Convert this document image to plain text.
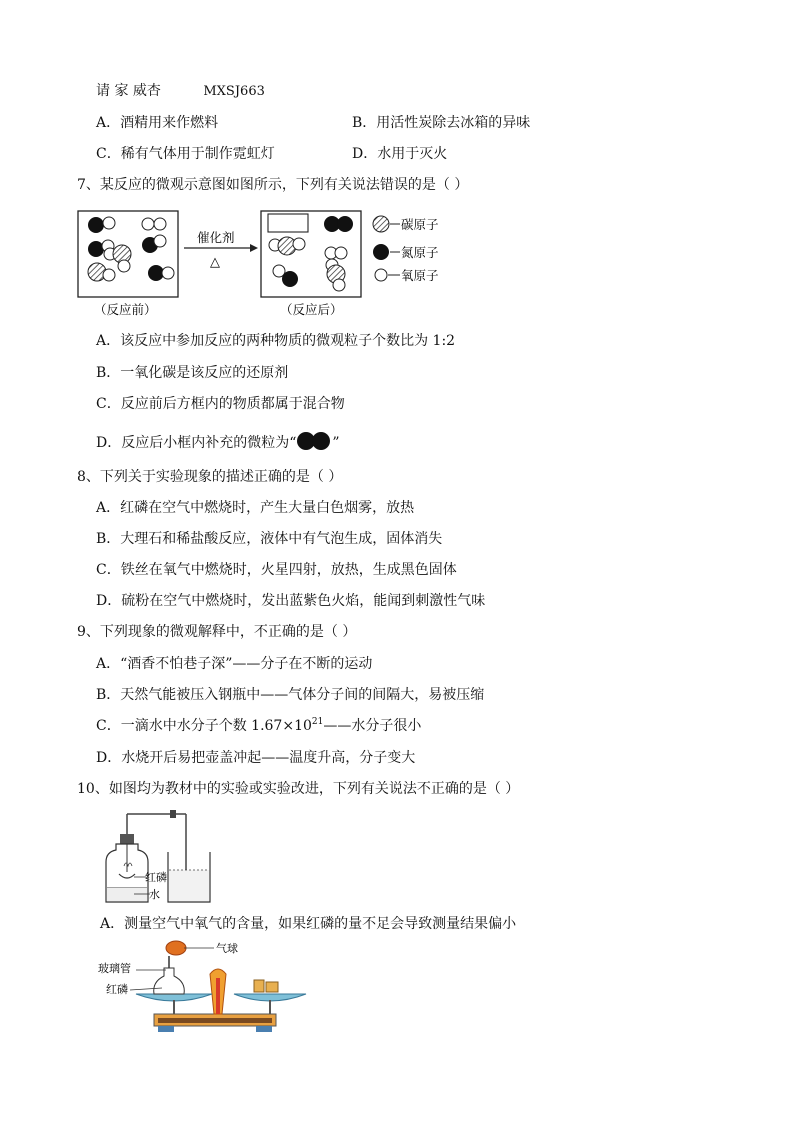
请 家 威杏	MXSJ663
A．酒精用来作燃料	B．用活性炭除去冰箱的异味
C．稀有气体用于制作霓虹灯	D．水用于灭火
7、某反应的微观示意图如图所示，下列有关说法错误的是（ ）
催化剂
△
（反应前）	（反应后）
碳原子
氮原子
氧原子
A．该反应中参加反应的两种物质的微观粒子个数比为 1:2
B．一氧化碳是该反应的还原剂
C．反应前后方框内的物质都属于混合物
D．反应后小框内补充的微粒为“	”
8、下列关于实验现象的描述正确的是（ ）
A．红磷在空气中燃烧时，产生大量白色烟雾，放热
B．大理石和稀盐酸反应，液体中有气泡生成，固体消失
C．铁丝在氧气中燃烧时，火星四射，放热，生成黑色固体
D．硫粉在空气中燃烧时，发出蓝紫色火焰，能闻到刺激性气味
9、下列现象的微观解释中，不正确的是（ ）
A．“酒香不怕巷子深”——分子在不断的运动
B．天然气能被压入钢瓶中——气体分子间的间隔大，易被压缩
C．一滴水中水分子个数 $1.67\times 10^{21}——$水分子很小
D．水烧开后易把壶盖冲起——温度升高，分子变大
10、如图均为教材中的实验或实验改进，下列有关说法不正确的是（ ）
红磷
水
A．测量空气中氧气的含量，如果红磷的量不足会导致测量结果偏小
气球
玻璃管
红磷
